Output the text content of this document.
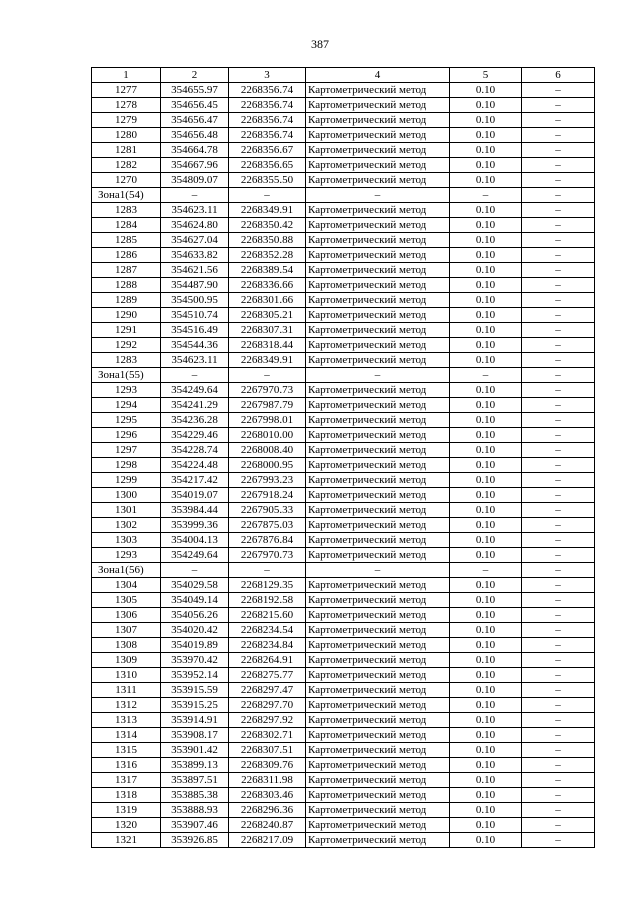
387
1	2	3	4	5	6
1277	354655.97	2268356.74	Картометрический метод	0.10	–
1278	354656.45	2268356.74	Картометрический метод	0.10	–
1279	354656.47	2268356.74	Картометрический метод	0.10	–
1280	354656.48	2268356.74	Картометрический метод	0.10	–
1281	354664.78	2268356.67	Картометрический метод	0.10	–
1282	354667.96	2268356.65	Картометрический метод	0.10	–
1270	354809.07	2268355.50	Картометрический метод	0.10	–
Зона1(54)	–	–	–	–	–
1283	354623.11	2268349.91	Картометрический метод	0.10	–
1284	354624.80	2268350.42	Картометрический метод	0.10	–
1285	354627.04	2268350.88	Картометрический метод	0.10	–
1286	354633.82	2268352.28	Картометрический метод	0.10	–
1287	354621.56	2268389.54	Картометрический метод	0.10	–
1288	354487.90	2268336.66	Картометрический метод	0.10	–
1289	354500.95	2268301.66	Картометрический метод	0.10	–
1290	354510.74	2268305.21	Картометрический метод	0.10	–
1291	354516.49	2268307.31	Картометрический метод	0.10	–
1292	354544.36	2268318.44	Картометрический метод	0.10	–
1283	354623.11	2268349.91	Картометрический метод	0.10	–
Зона1(55)	–	–	–	–	–
1293	354249.64	2267970.73	Картометрический метод	0.10	–
1294	354241.29	2267987.79	Картометрический метод	0.10	–
1295	354236.28	2267998.01	Картометрический метод	0.10	–
1296	354229.46	2268010.00	Картометрический метод	0.10	–
1297	354228.74	2268008.40	Картометрический метод	0.10	–
1298	354224.48	2268000.95	Картометрический метод	0.10	–
1299	354217.42	2267993.23	Картометрический метод	0.10	–
1300	354019.07	2267918.24	Картометрический метод	0.10	–
1301	353984.44	2267905.33	Картометрический метод	0.10	–
1302	353999.36	2267875.03	Картометрический метод	0.10	–
1303	354004.13	2267876.84	Картометрический метод	0.10	–
1293	354249.64	2267970.73	Картометрический метод	0.10	–
Зона1(56)	–	–	–	–	–
1304	354029.58	2268129.35	Картометрический метод	0.10	–
1305	354049.14	2268192.58	Картометрический метод	0.10	–
1306	354056.26	2268215.60	Картометрический метод	0.10	–
1307	354020.42	2268234.54	Картометрический метод	0.10	–
1308	354019.89	2268234.84	Картометрический метод	0.10	–
1309	353970.42	2268264.91	Картометрический метод	0.10	–
1310	353952.14	2268275.77	Картометрический метод	0.10	–
1311	353915.59	2268297.47	Картометрический метод	0.10	–
1312	353915.25	2268297.70	Картометрический метод	0.10	–
1313	353914.91	2268297.92	Картометрический метод	0.10	–
1314	353908.17	2268302.71	Картометрический метод	0.10	–
1315	353901.42	2268307.51	Картометрический метод	0.10	–
1316	353899.13	2268309.76	Картометрический метод	0.10	–
1317	353897.51	2268311.98	Картометрический метод	0.10	–
1318	353885.38	2268303.46	Картометрический метод	0.10	–
1319	353888.93	2268296.36	Картометрический метод	0.10	–
1320	353907.46	2268240.87	Картометрический метод	0.10	–
1321	353926.85	2268217.09	Картометрический метод	0.10	–
